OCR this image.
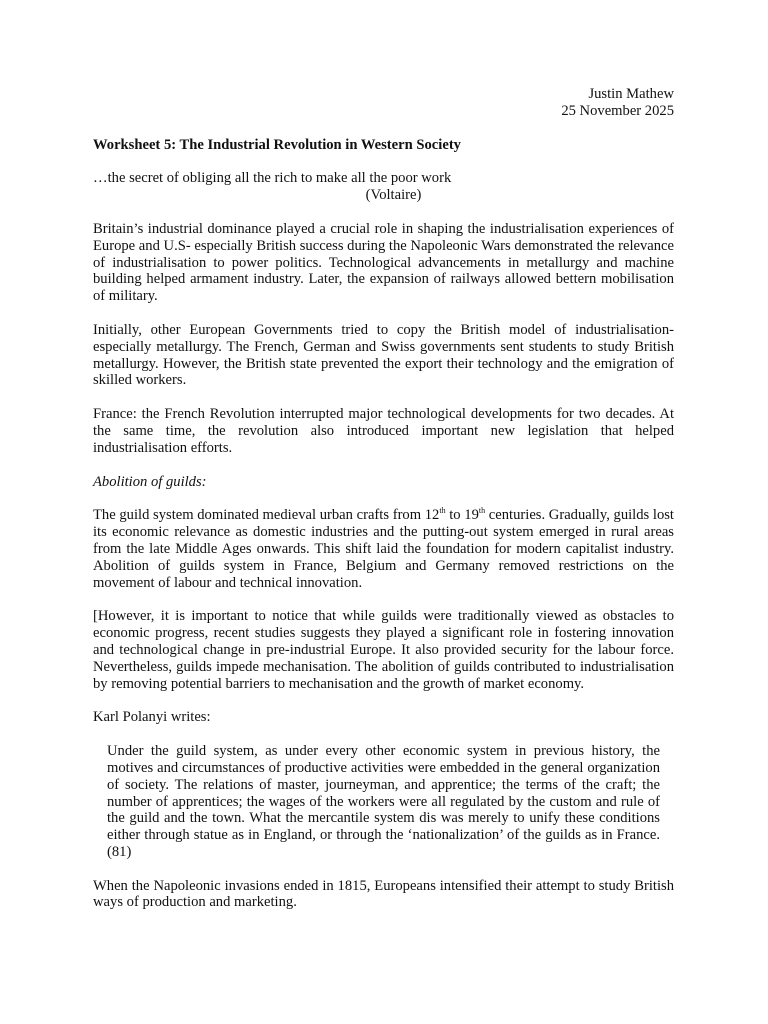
Justin Mathew
25 November 2025
Worksheet 5: The Industrial Revolution in Western Society
…the secret of obliging all the rich to make all the poor work
(Voltaire)

Britain’s industrial dominance played a crucial role in shaping the industrialisation experiences of Europe and U.S- especially British success during the Napoleonic Wars demonstrated the relevance of industrialisation to power politics. Technological advancements in metallurgy and machine building helped armament industry. Later, the expansion of railways allowed bettern mobilisation of military.

Initially, other European Governments tried to copy the British model of industrialisation- especially metallurgy. The French, German and Swiss governments sent students to study British metallurgy. However, the British state prevented the export their technology and the emigration of skilled workers.

France: the French Revolution interrupted major technological developments for two decades. At the same time, the revolution also introduced important new legislation that helped industrialisation efforts.

Abolition of guilds:

The guild system dominated medieval urban crafts from 12th to 19th centuries. Gradually, guilds lost its economic relevance as domestic industries and the putting-out system emerged in rural areas from the late Middle Ages onwards. This shift laid the foundation for modern capitalist industry. Abolition of guilds system in France, Belgium and Germany removed restrictions on the movement of labour and technical innovation.

[However, it is important to notice that while guilds were traditionally viewed as obstacles to economic progress, recent studies suggests they played a significant role in fostering innovation and technological change in pre-industrial Europe. It also provided security for the labour force. Nevertheless, guilds impede mechanisation. The abolition of guilds contributed to industrialisation by removing potential barriers to mechanisation and the growth of market economy.

Karl Polanyi writes:

Under the guild system, as under every other economic system in previous history, the motives and circumstances of productive activities were embedded in the general organization of society. The relations of master, journeyman, and apprentice; the terms of the craft; the number of apprentices; the wages of the workers were all regulated by the custom and rule of the guild and the town. What the mercantile system dis was merely to unify these conditions either through statue as in England, or through the ‘nationalization’ of the guilds as in France. (81)

When the Napoleonic invasions ended in 1815, Europeans intensified their attempt to study British ways of production and marketing.
